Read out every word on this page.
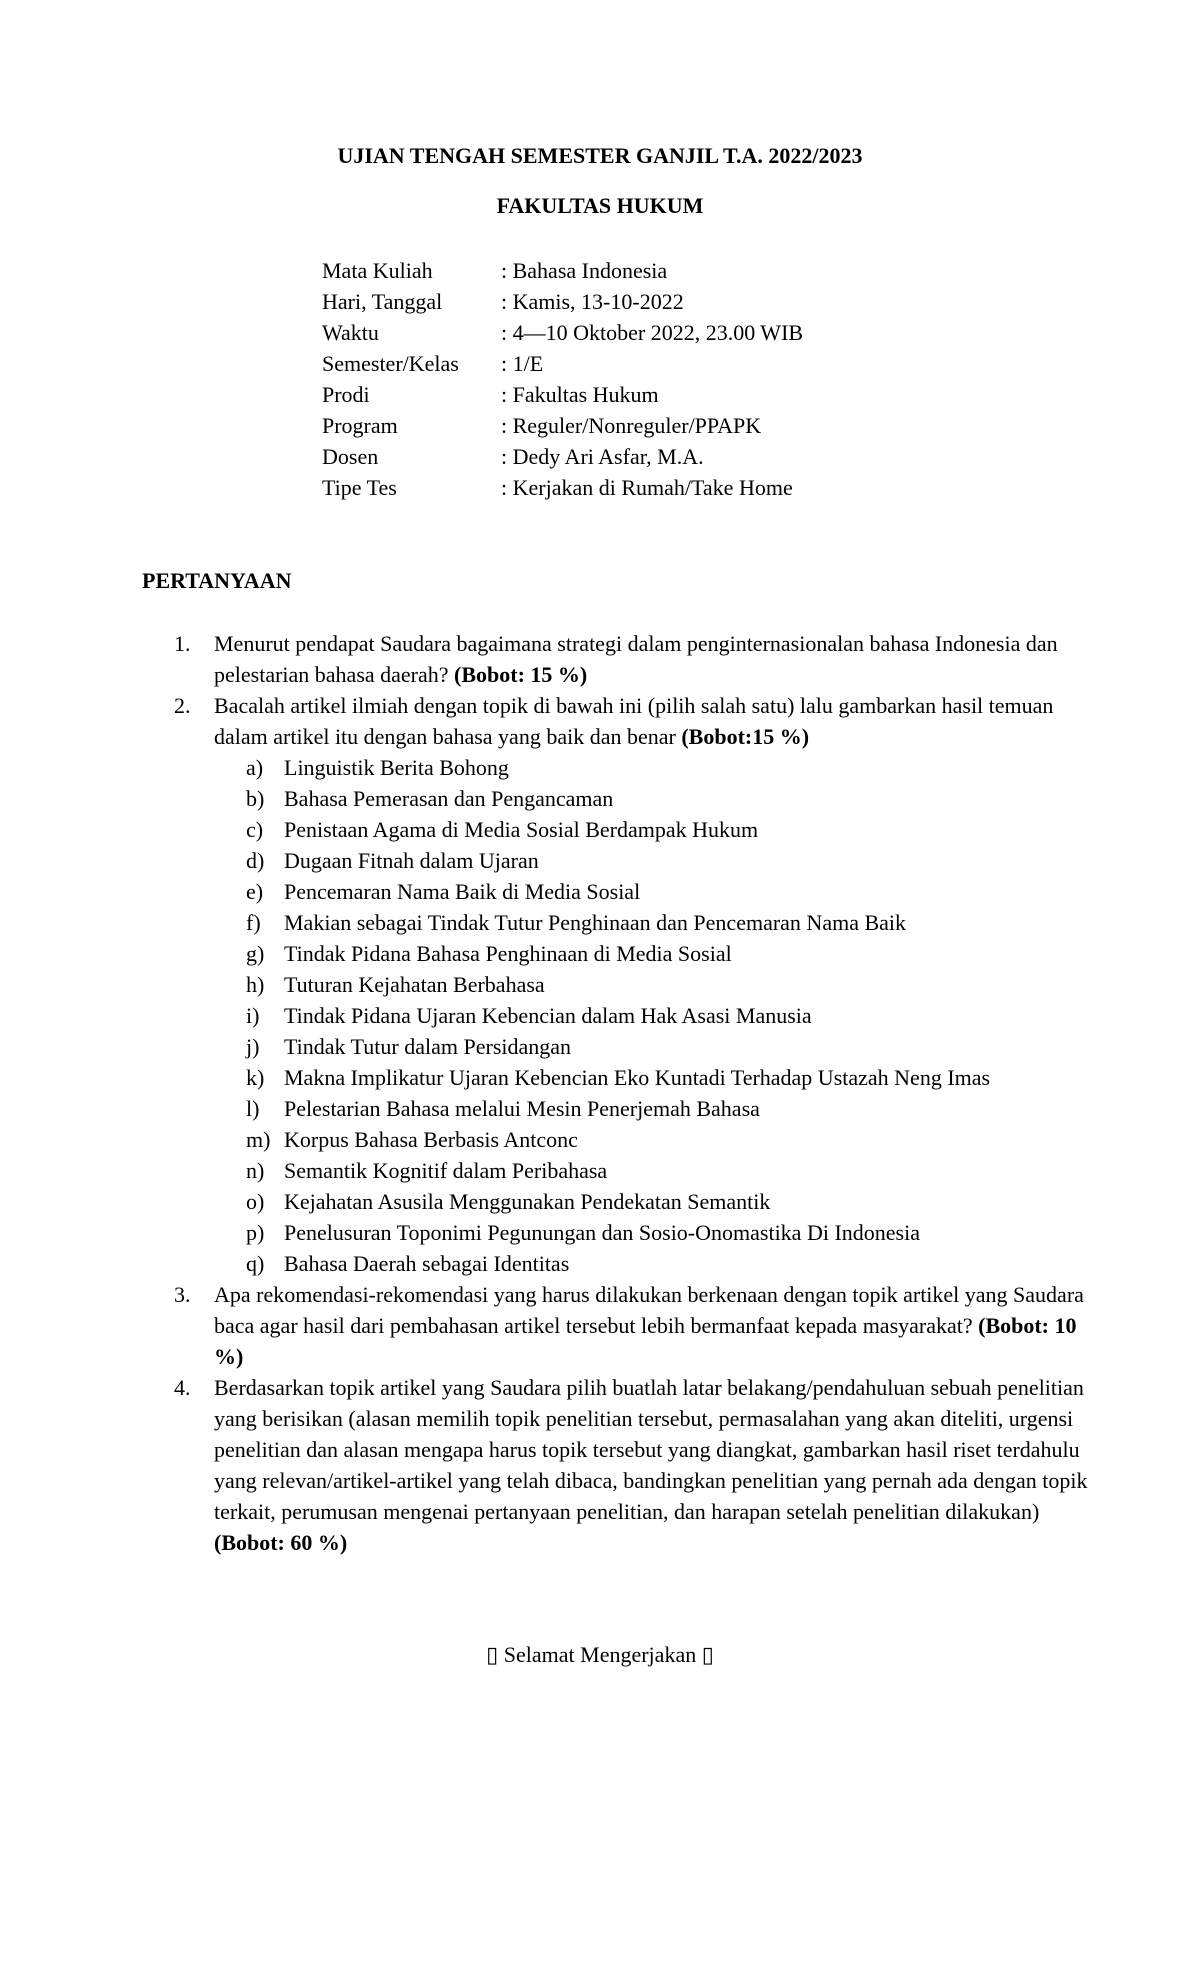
UJIAN TENGAH SEMESTER GANJIL T.A. 2022/2023
FAKULTAS HUKUM
Mata Kuliah	: Bahasa Indonesia
Hari, Tanggal	: Kamis, 13-10-2022
Waktu	: 4—10 Oktober 2022, 23.00 WIB
Semester/Kelas : 1/E
Prodi	: Fakultas Hukum
Program	: Reguler/Nonreguler/PPAPK
Dosen	: Dedy Ari Asfar, M.A.
Tipe Tes	: Kerjakan di Rumah/Take Home
PERTANYAAN
1. Menurut pendapat Saudara bagaimana strategi dalam penginternasionalan bahasa Indonesia dan pelestarian bahasa daerah? (Bobot: 15 %)
2. Bacalah artikel ilmiah dengan topik di bawah ini (pilih salah satu) lalu gambarkan hasil temuan dalam artikel itu dengan bahasa yang baik dan benar (Bobot:15 %)
a) Linguistik Berita Bohong
b) Bahasa Pemerasan dan Pengancaman
c) Penistaan Agama di Media Sosial Berdampak Hukum
d) Dugaan Fitnah dalam Ujaran
e) Pencemaran Nama Baik di Media Sosial
f) Makian sebagai Tindak Tutur Penghinaan dan Pencemaran Nama Baik
g) Tindak Pidana Bahasa Penghinaan di Media Sosial
h) Tuturan Kejahatan Berbahasa
i) Tindak Pidana Ujaran Kebencian dalam Hak Asasi Manusia
j) Tindak Tutur dalam Persidangan
k) Makna Implikatur Ujaran Kebencian Eko Kuntadi Terhadap Ustazah Neng Imas
l) Pelestarian Bahasa melalui Mesin Penerjemah Bahasa
m) Korpus Bahasa Berbasis Antconc
n) Semantik Kognitif dalam Peribahasa
o) Kejahatan Asusila Menggunakan Pendekatan Semantik
p) Penelusuran Toponimi Pegunungan dan Sosio-Onomastika Di Indonesia
q) Bahasa Daerah sebagai Identitas
3. Apa rekomendasi-rekomendasi yang harus dilakukan berkenaan dengan topik artikel yang Saudara baca agar hasil dari pembahasan artikel tersebut lebih bermanfaat kepada masyarakat? (Bobot: 10 %)
4. Berdasarkan topik artikel yang Saudara pilih buatlah latar belakang/pendahuluan sebuah penelitian yang berisikan (alasan memilih topik penelitian tersebut, permasalahan yang akan diteliti, urgensi penelitian dan alasan mengapa harus topik tersebut yang diangkat, gambarkan hasil riset terdahulu yang relevan/artikel-artikel yang telah dibaca, bandingkan penelitian yang pernah ada dengan topik terkait, perumusan mengenai pertanyaan penelitian, dan harapan setelah penelitian dilakukan) (Bobot: 60 %)
▯ Selamat Mengerjakan ▯
